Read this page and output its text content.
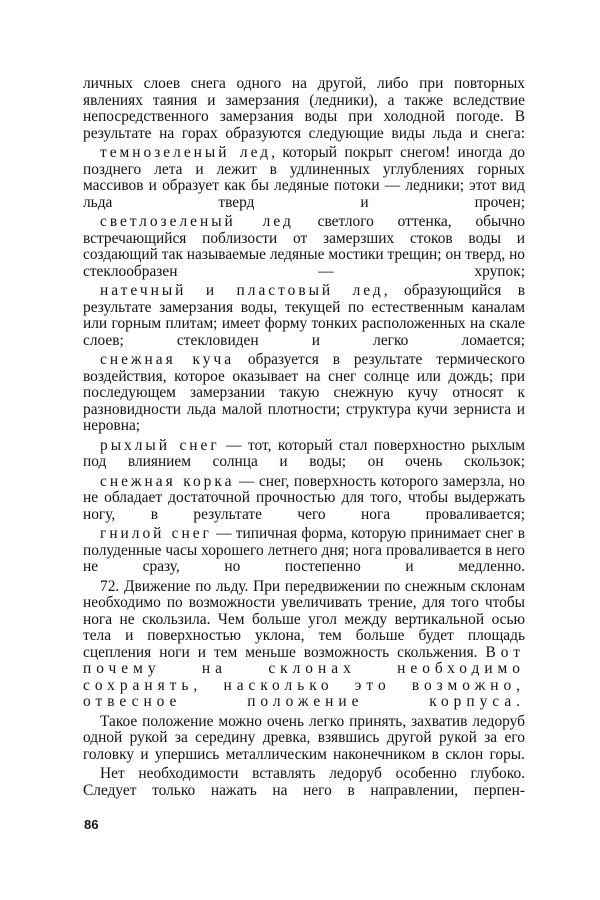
личных слоев снега одного на другой, либо при повторных явлениях таяния и замерзания (ледники), а также вследствие непосредственного замерзания воды при холодной погоде. В результате на горах образуются следующие виды льда и снега:

темнозеленый лед, который покрыт снегом! иногда до позднего лета и лежит в удлиненных углублениях горных массивов и образует как бы ледяные потоки — ледники; этот вид льда тверд и прочен;

светлозеленый лед светлого оттенка, обычно встречающийся поблизости от замерзших стоков воды и создающий так называемые ледяные мостики трещин; он тверд, но стеклообразен — хрупок;

натечный и пластовый лед, образующийся в результате замерзания воды, текущей по естественным каналам или горным плитам; имеет форму тонких расположенных на скале слоев; стекловиден и легко ломается;

снежная куча образуется в результате термического воздействия, которое оказывает на снег солнце или дождь; при последующем замерзании такую снежную кучу относят к разновидности льда малой плотности; структура кучи зерниста и неровна;

рыхлый снег — тот, который стал поверхностно рыхлым под влиянием солнца и воды; он очень скользок;

снежная корка — снег, поверхность которого замерзла, но не обладает достаточной прочностью для того, чтобы выдержать ногу, в результате чего нога проваливается;

гнилой снег — типичная форма, которую принимает снег в полуденные часы хорошего летнего дня; нога проваливается в него не сразу, но постепенно и медленно.

72. Движение по льду. При передвижении по снежным склонам необходимо по возможности увеличивать трение, для того чтобы нога не скользила. Чем больше угол между вертикальной осью тела и поверхностью уклона, тем больше будет площадь сцепления ноги и тем меньше возможность скольжения. Вот почему на склонах необходимо сохранять, насколько это возможно, отвесное положение корпуса.

Такое положение можно очень легко принять, захватив ледоруб одной рукой за середину древка, взявшись другой рукой за его головку и упершись металлическим наконечником в склон горы.

Нет необходимости вставлять ледоруб особенно глубоко. Следует только нажать на него в направлении, перпен-

86
